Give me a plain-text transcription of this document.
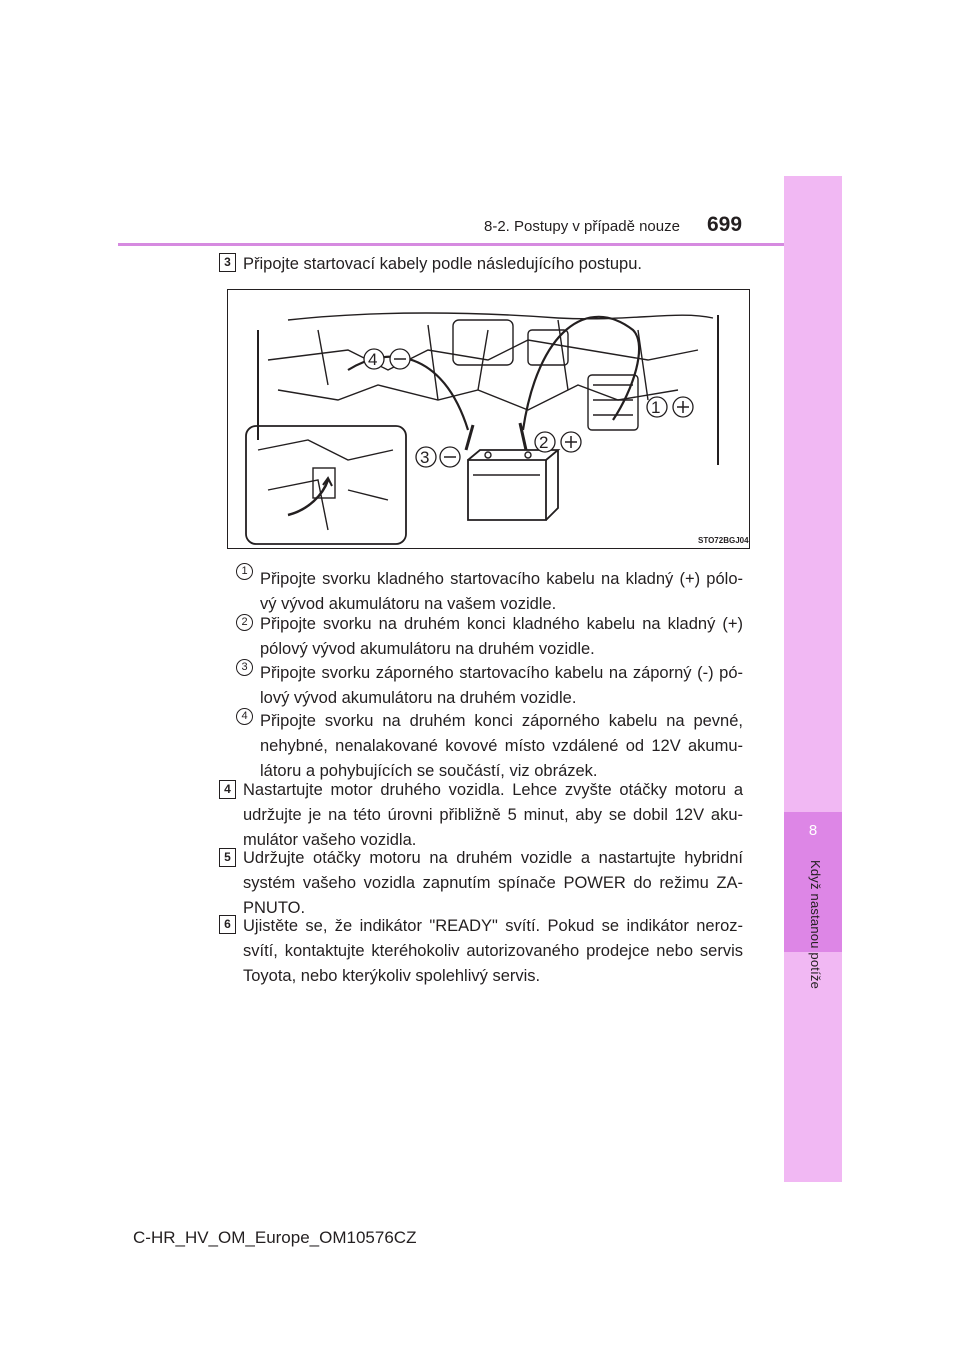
8
Když nastanou potíže
8-2. Postupy v případě nouze 699
3 Připojte startovací kabely podle následujícího postupu.
4
1
2
3
STO72BGJ04
1 Připojte svorku kladného startovacího kabelu na kladný (+) pólo-vý vývod akumulátoru na vašem vozidle.
2 Připojte svorku na druhém konci kladného kabelu na kladný (+) pólový vývod akumulátoru na druhém vozidle.
3 Připojte svorku záporného startovacího kabelu na záporný (-) pó-lový vývod akumulátoru na druhém vozidle.
4 Připojte svorku na druhém konci záporného kabelu na pevné, nehybné, nenalakované kovové místo vzdálené od 12V akumu-látoru a pohybujících se součástí, viz obrázek.
4 Nastartujte motor druhého vozidla. Lehce zvyšte otáčky motoru a udržujte je na této úrovni přibližně 5 minut, aby se dobil 12V aku-mulátor vašeho vozidla.
5 Udržujte otáčky motoru na druhém vozidle a nastartujte hybridní systém vašeho vozidla zapnutím spínače POWER do režimu ZA-PNUTO.
6 Ujistěte se, že indikátor "READY" svítí. Pokud se indikátor neroz-svítí, kontaktujte kteréhokoliv autorizovaného prodejce nebo servis Toyota, nebo kterýkoliv spolehlivý servis.
C-HR_HV_OM_Europe_OM10576CZ
